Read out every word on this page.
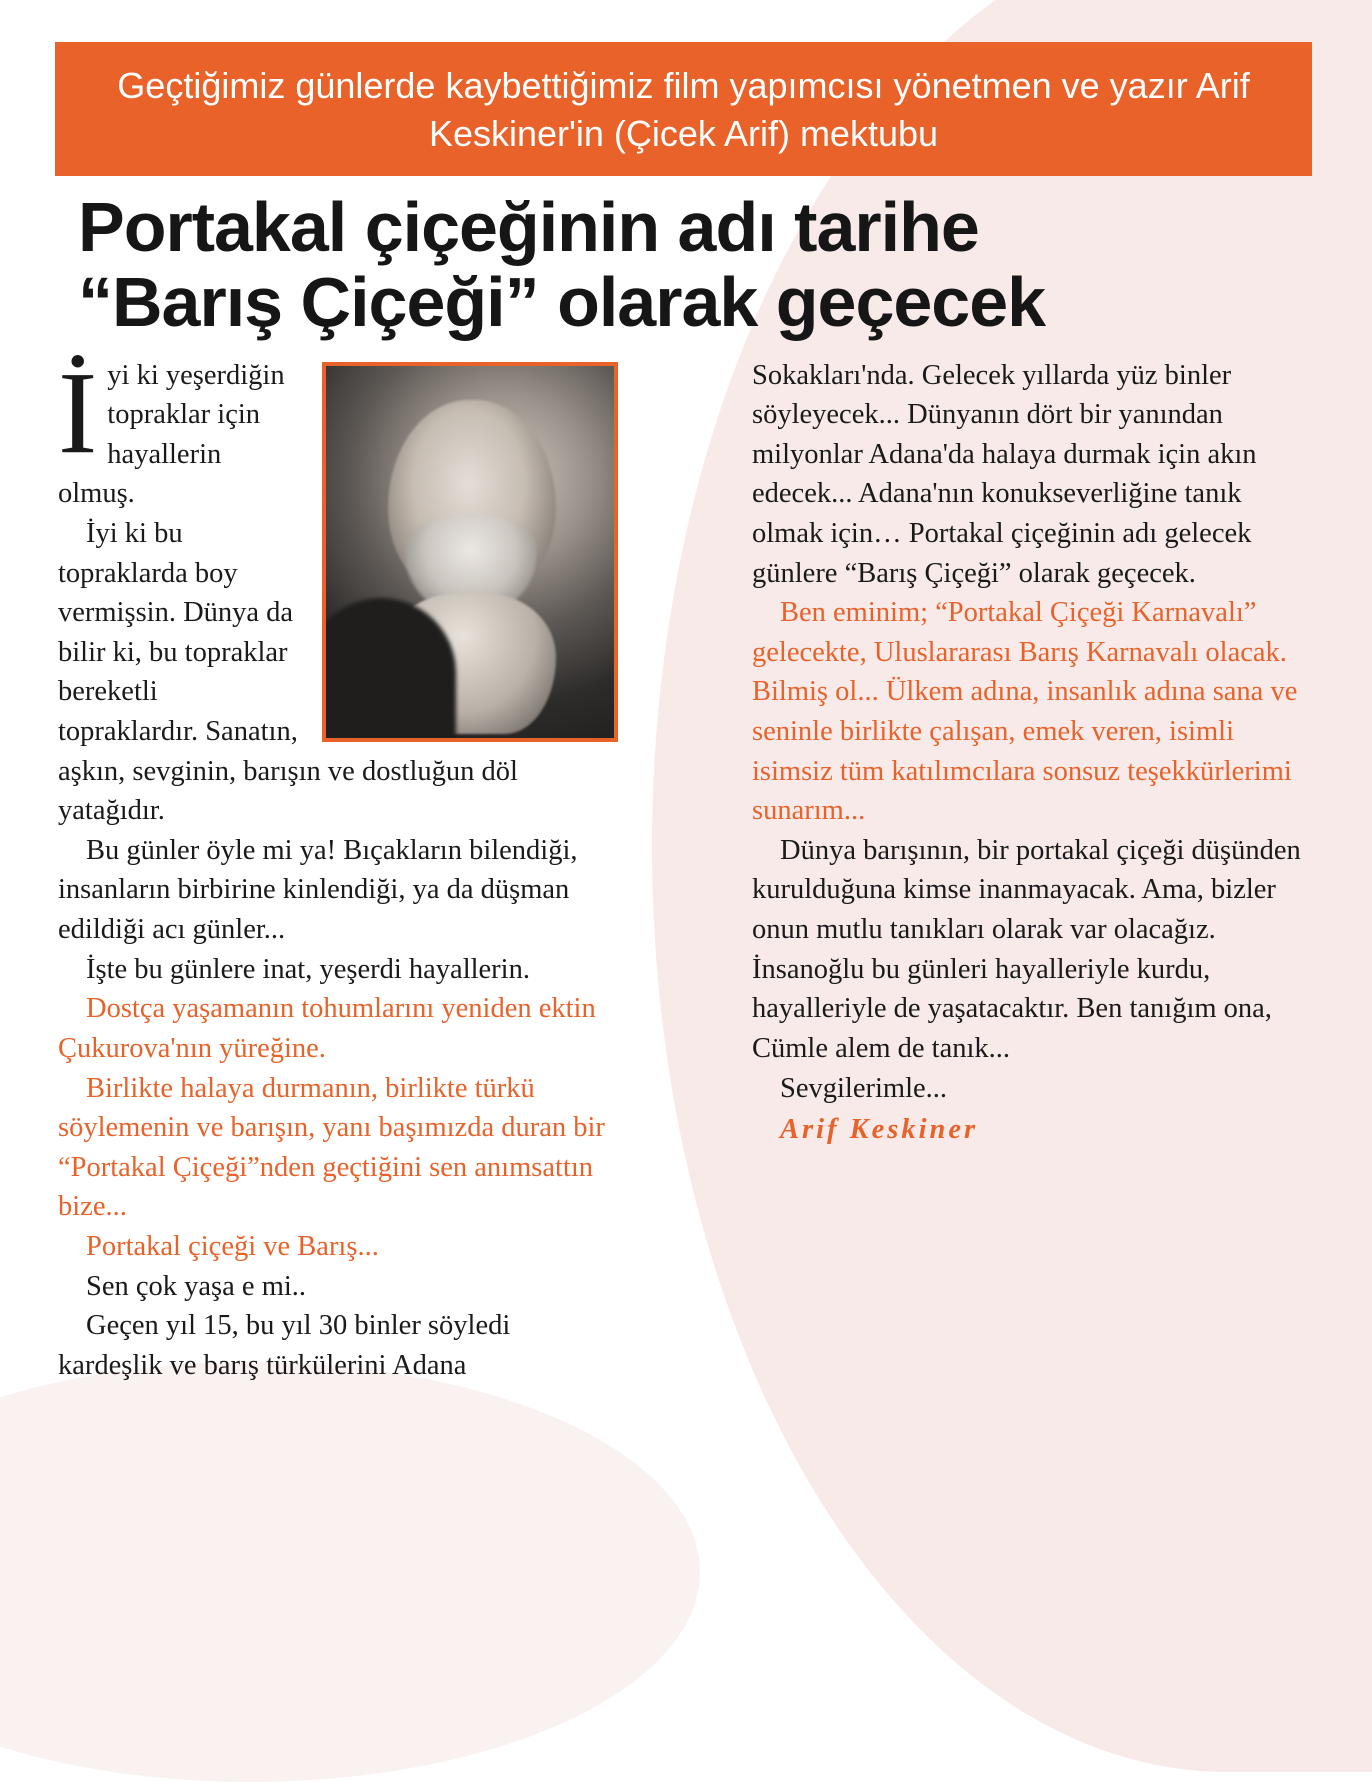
Geçtiğimiz günlerde kaybettiğimiz film yapımcısı yönetmen ve yazır Arif Keskiner'in (Çicek Arif) mektubu
Portakal çiçeğinin adı tarihe
“Barış Çiçeği” olarak geçecek

Sokakları'nda. Gelecek yıllarda yüz binler söyleyecek... Dünyanın dört bir yanından milyonlar Adana'da halaya durmak için akın edecek... Adana'nın konukseverliğine tanık olmak için… Portakal çiçeğinin adı gelecek günlere “Barış Çiçeği” olarak geçecek.

Ben eminim; “Portakal Çiçeği Karnavalı” gelecekte, Uluslararası Barış Karnavalı olacak. Bilmiş ol... Ülkem adına, insanlık adına sana ve seninle birlikte çalışan, emek veren, isimli isimsiz tüm katılımcılara sonsuz teşekkürlerimi sunarım...

Dünya barışının, bir portakal çiçeği düşünden kurulduğuna kimse inanmayacak. Ama, bizler onun mutlu tanıkları olarak var olacağız. İnsanoğlu bu günleri hayalleriyle kurdu, hayalleriyle de yaşatacaktır. Ben tanığım ona, Cümle alem de tanık...

Sevgilerimle...

Arif Keskiner

İyi ki yeşerdiğin topraklar için hayallerin olmuş.

İyi ki bu topraklarda boy vermişsin. Dünya da bilir ki, bu topraklar bereketli topraklardır. Sanatın, aşkın, sevginin, barışın ve dostluğun döl yatağıdır.

Bu günler öyle mi ya! Bıçakların bilendiği, insanların birbirine kinlendiği, ya da düşman edildiği acı günler...

İşte bu günlere inat, yeşerdi hayallerin.

Dostça yaşamanın tohumlarını yeniden ektin Çukurova'nın yüreğine.

Birlikte halaya durmanın, birlikte türkü söylemenin ve barışın, yanı başımızda duran bir “Portakal Çiçeği”nden geçtiğini sen anımsattın bize...

Portakal çiçeği ve Barış...

Sen çok yaşa e mi..

Geçen yıl 15, bu yıl 30 binler söyledi kardeşlik ve barış türkülerini Adana
